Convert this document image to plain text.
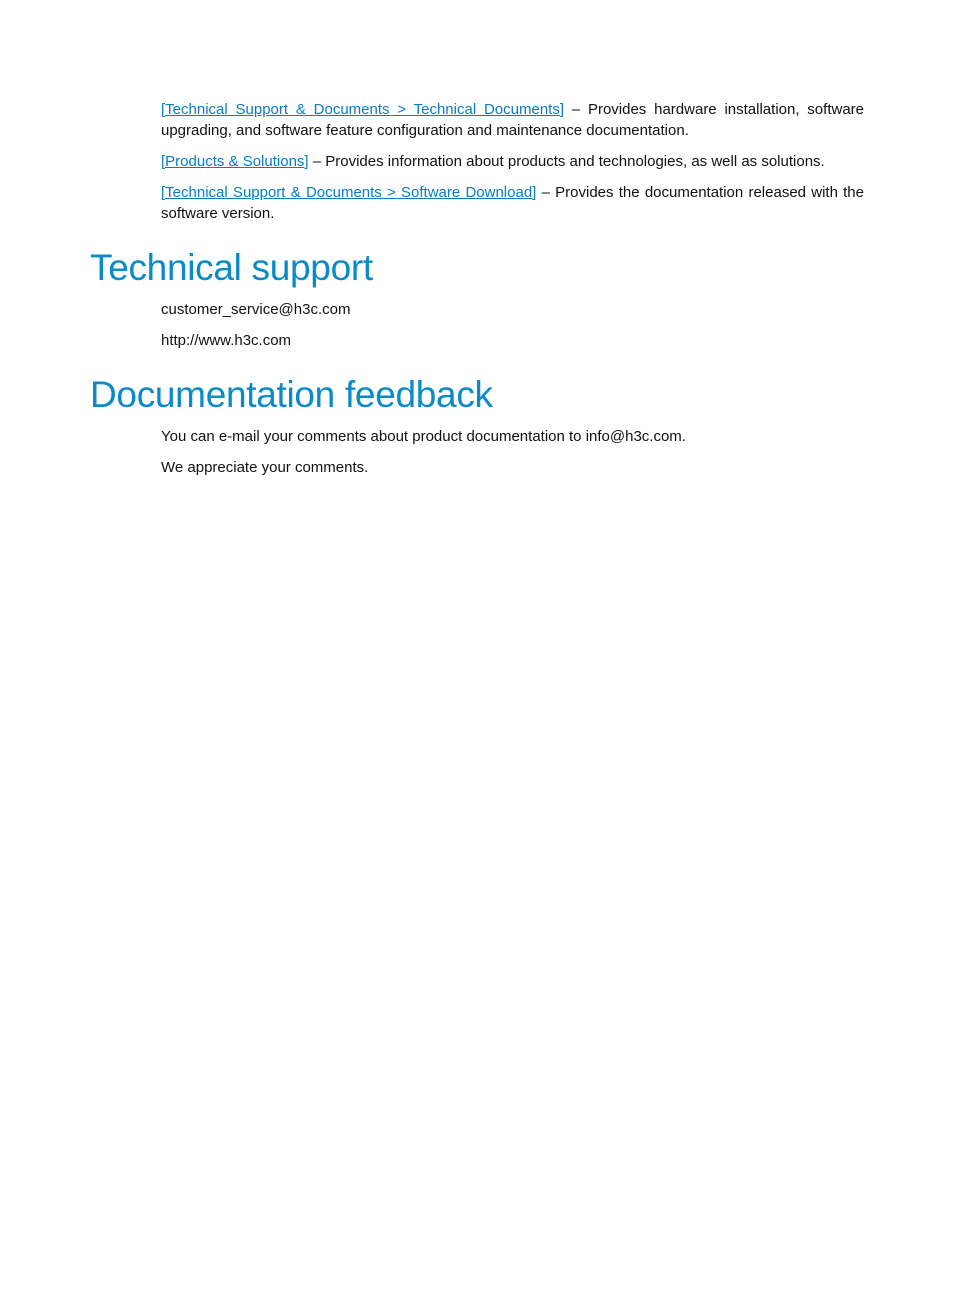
[Technical Support & Documents > Technical Documents] – Provides hardware installation, software upgrading, and software feature configuration and maintenance documentation.

[Products & Solutions] – Provides information about products and technologies, as well as solutions.

[Technical Support & Documents > Software Download] – Provides the documentation released with the software version.

Technical support

customer_service@h3c.com

http://www.h3c.com

Documentation feedback

You can e-mail your comments about product documentation to info@h3c.com.

We appreciate your comments.
